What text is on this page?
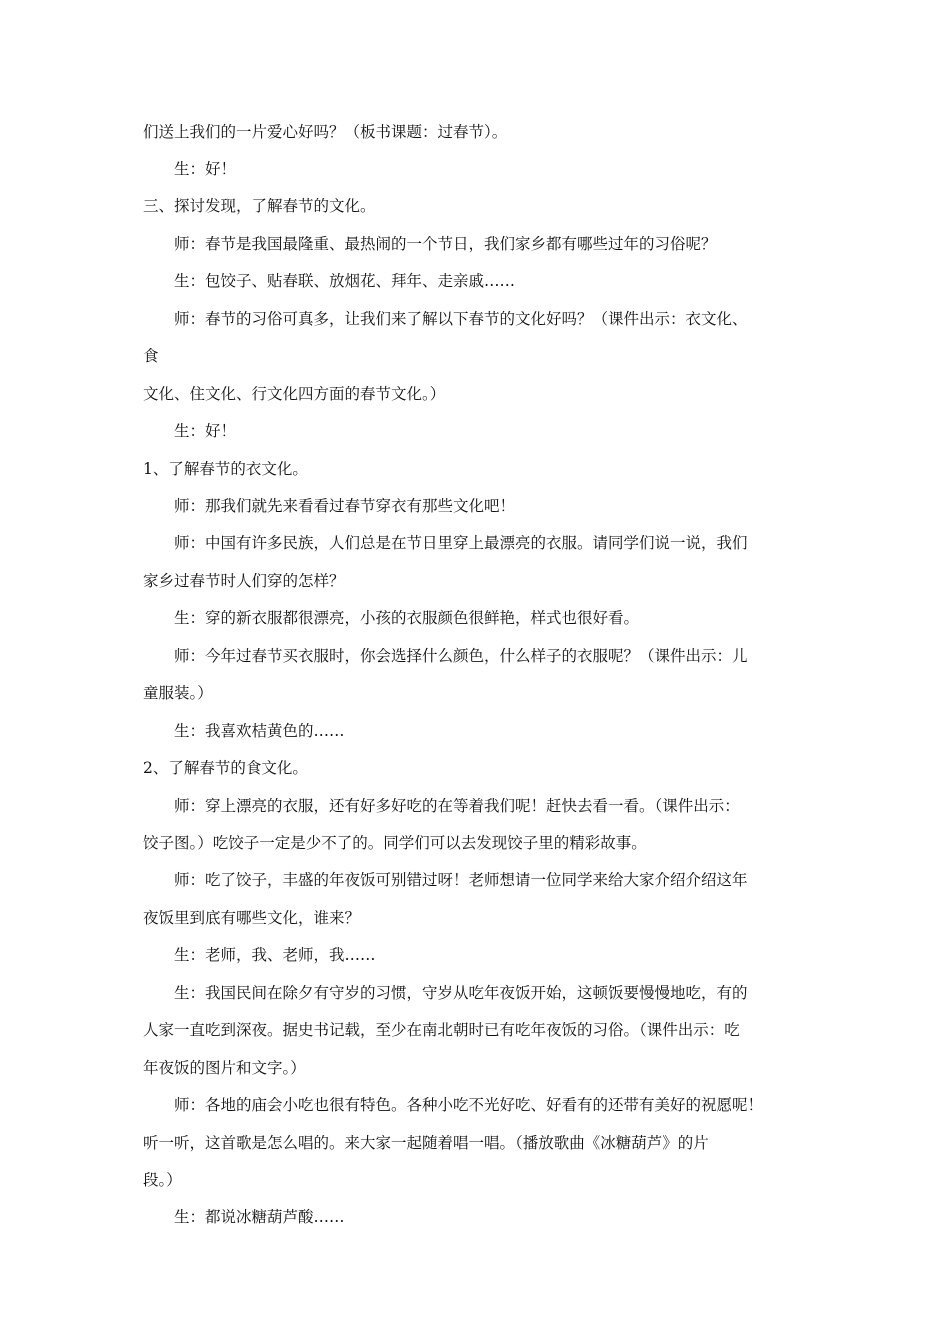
们送上我们的一片爱心好吗？（板书课题：过春节）。
生：好！
三、探讨发现，了解春节的文化。
师：春节是我国最隆重、最热闹的一个节日，我们家乡都有哪些过年的习俗呢？
生：包饺子、贴春联、放烟花、拜年、走亲戚……
师：春节的习俗可真多，让我们来了解以下春节的文化好吗？（课件出示：衣文化、
食
文化、住文化、行文化四方面的春节文化。）
生：好！
1、了解春节的衣文化。
师：那我们就先来看看过春节穿衣有那些文化吧！
师：中国有许多民族，人们总是在节日里穿上最漂亮的衣服。请同学们说一说，我们
家乡过春节时人们穿的怎样？
生：穿的新衣服都很漂亮，小孩的衣服颜色很鲜艳，样式也很好看。
师：今年过春节买衣服时，你会选择什么颜色，什么样子的衣服呢？（课件出示：儿
童服装。）
生：我喜欢桔黄色的……
2、了解春节的食文化。
师：穿上漂亮的衣服，还有好多好吃的在等着我们呢！赶快去看一看。（课件出示：
饺子图。）吃饺子一定是少不了的。同学们可以去发现饺子里的精彩故事。
师：吃了饺子，丰盛的年夜饭可别错过呀！老师想请一位同学来给大家介绍介绍这年
夜饭里到底有哪些文化，谁来？
生：老师，我、老师，我……
生：我国民间在除夕有守岁的习惯，守岁从吃年夜饭开始，这顿饭要慢慢地吃，有的
人家一直吃到深夜。据史书记载，至少在南北朝时已有吃年夜饭的习俗。（课件出示：吃
年夜饭的图片和文字。）
师：各地的庙会小吃也很有特色。各种小吃不光好吃、好看有的还带有美好的祝愿呢！
听一听，这首歌是怎么唱的。来大家一起随着唱一唱。（播放歌曲《冰糖葫芦》的片
段。）
生：都说冰糖葫芦酸……
